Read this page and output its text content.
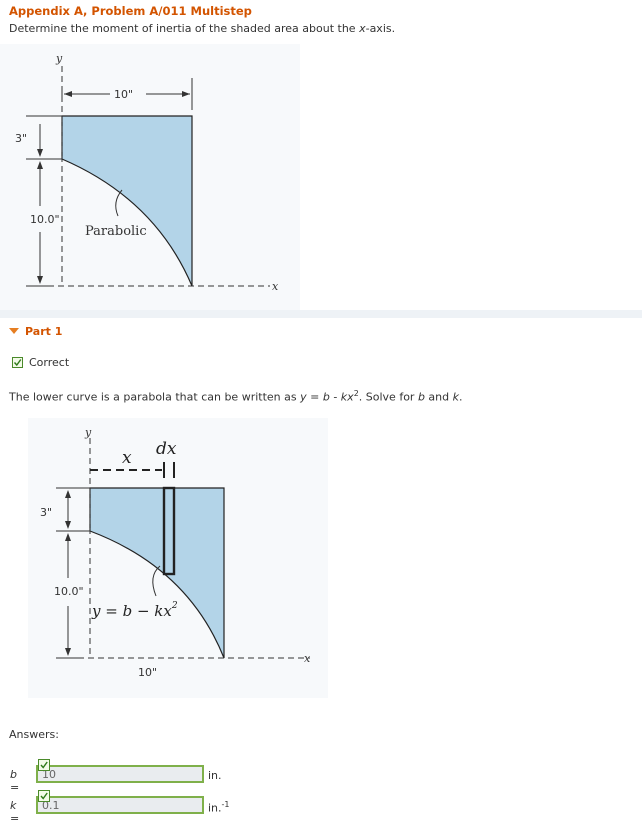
Appendix A, Problem A/011 Multistep
Determine the moment of inertia of the shaded area about the x-axis.
y
x
10"
3"
10.0"
Parabolic
Part 1
Correct
The lower curve is a parabola that can be written as $y = b - kx^2$. Solve for b and k.
y
x
x dx
3"
10.0"
10"
$y = b - kx^2$
Answers:
b =
10
in.
k =
0.1
in.$^{-1}$
